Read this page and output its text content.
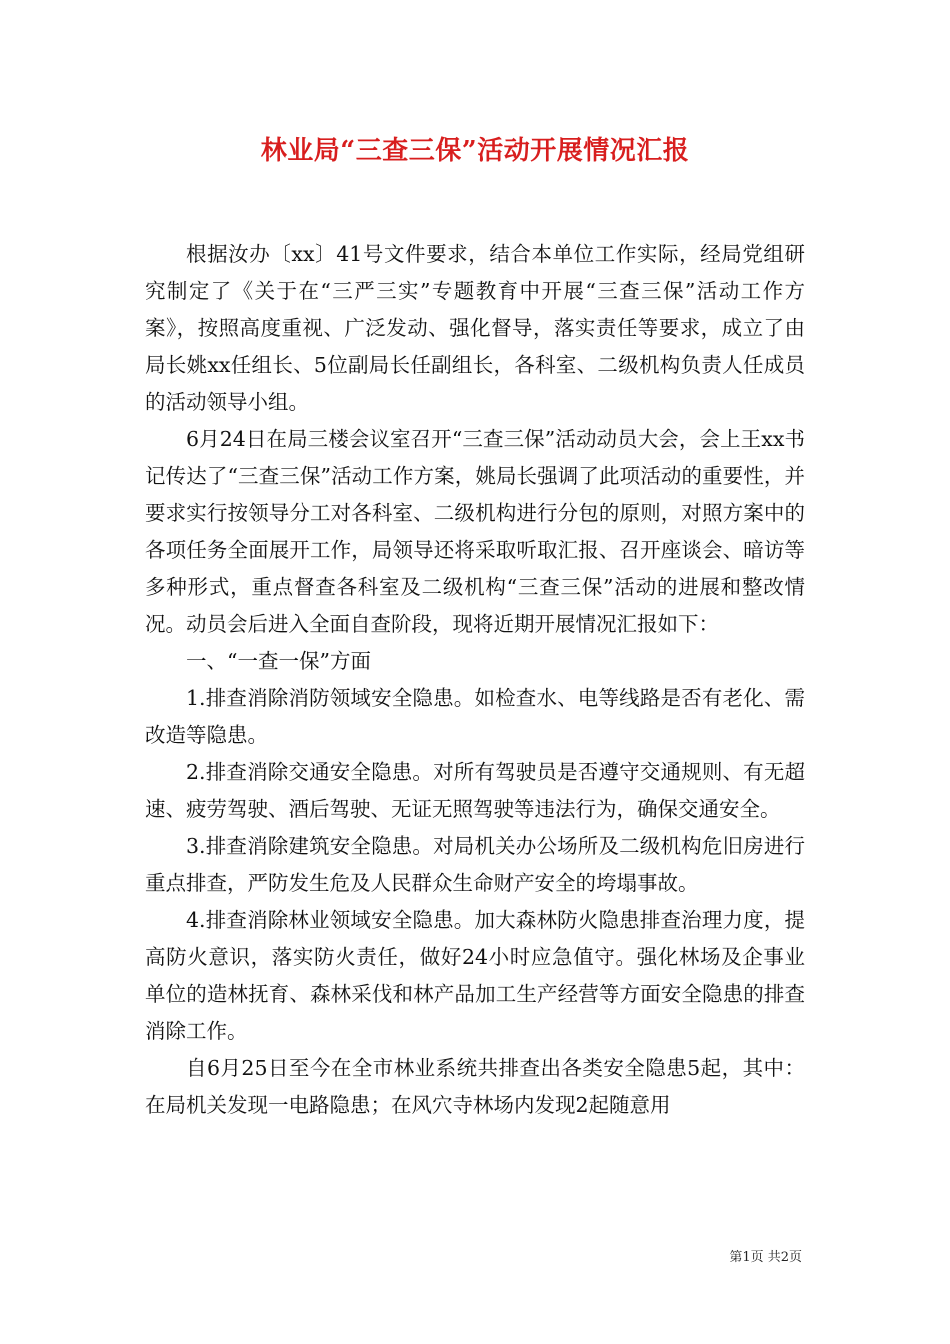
林业局“三查三保”活动开展情况汇报

根据汝办〔xx〕41号文件要求，结合本单位工作实际，经局党组研究制定了《关于在“三严三实”专题教育中开展“三查三保”活动工作方案》，按照高度重视、广泛发动、强化督导，落实责任等要求，成立了由局长姚xx任组长、5位副局长任副组长，各科室、二级机构负责人任成员的活动领导小组。

6月24日在局三楼会议室召开“三查三保”活动动员大会，会上王xx书记传达了“三查三保”活动工作方案，姚局长强调了此项活动的重要性，并要求实行按领导分工对各科室、二级机构进行分包的原则，对照方案中的各项任务全面展开工作，局领导还将采取听取汇报、召开座谈会、暗访等多种形式，重点督查各科室及二级机构“三查三保”活动的进展和整改情况。动员会后进入全面自查阶段，现将近期开展情况汇报如下：

一、“一查一保”方面

1.排查消除消防领域安全隐患。如检查水、电等线路是否有老化、需改造等隐患。

2.排查消除交通安全隐患。对所有驾驶员是否遵守交通规则、有无超速、疲劳驾驶、酒后驾驶、无证无照驾驶等违法行为，确保交通安全。

3.排查消除建筑安全隐患。对局机关办公场所及二级机构危旧房进行重点排查，严防发生危及人民群众生命财产安全的垮塌事故。

4.排查消除林业领域安全隐患。加大森林防火隐患排查治理力度，提高防火意识，落实防火责任，做好24小时应急值守。强化林场及企事业单位的造林抚育、森林采伐和林产品加工生产经营等方面安全隐患的排查消除工作。

自6月25日至今在全市林业系统共排查出各类安全隐患5起，其中：在局机关发现一电路隐患；在风穴寺林场内发现2起随意用

第1页 共2页
